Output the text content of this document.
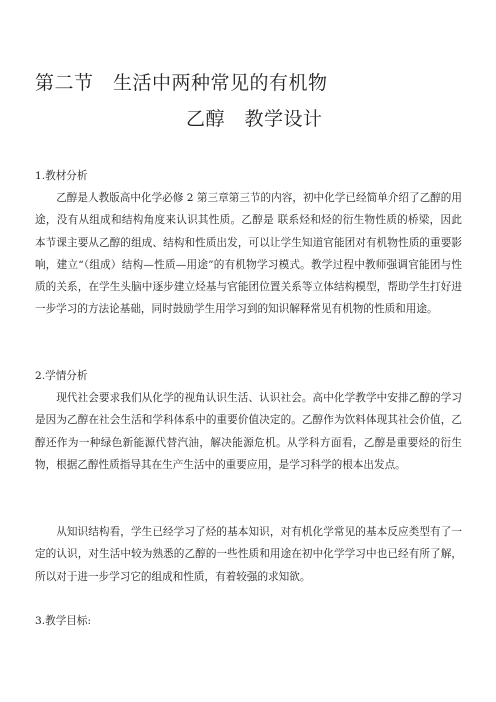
第二节　生活中两种常见的有机物
乙醇　教学设计
1.教材分析

乙醇是人教版高中化学必修 2 第三章第三节的内容，初中化学已经简单介绍了乙醇的用途，没有从组成和结构角度来认识其性质。乙醇是 联系烃和烃的衍生物性质的桥梁，因此本节课主要从乙醇的组成、结构和性质出发，可以让学生知道官能团对有机物性质的重要影响，建立“（组成）结构—性质—用途”的有机物学习模式。教学过程中教师强调官能团与性质的关系，在学生头脑中逐步建立烃基与官能团位置关系等立体结构模型，帮助学生打好进一步学习的方法论基础，同时鼓励学生用学习到的知识解释常见有机物的性质和用途。

2.学情分析

现代社会要求我们从化学的视角认识生活、认识社会。高中化学教学中安排乙醇的学习是因为乙醇在社会生活和学科体系中的重要价值决定的。乙醇作为饮料体现其社会价值，乙醇还作为一种绿色新能源代替汽油，解决能源危机。从学科方面看，乙醇是重要烃的衍生物，根据乙醇性质指导其在生产生活中的重要应用，是学习科学的根本出发点。

从知识结构看，学生已经学习了烃的基本知识，对有机化学常见的基本反应类型有了一定的认识，对生活中较为熟悉的乙醇的一些性质和用途在初中化学学习中也已经有所了解，所以对于进一步学习它的组成和性质，有着较强的求知欲。

3.教学目标:
